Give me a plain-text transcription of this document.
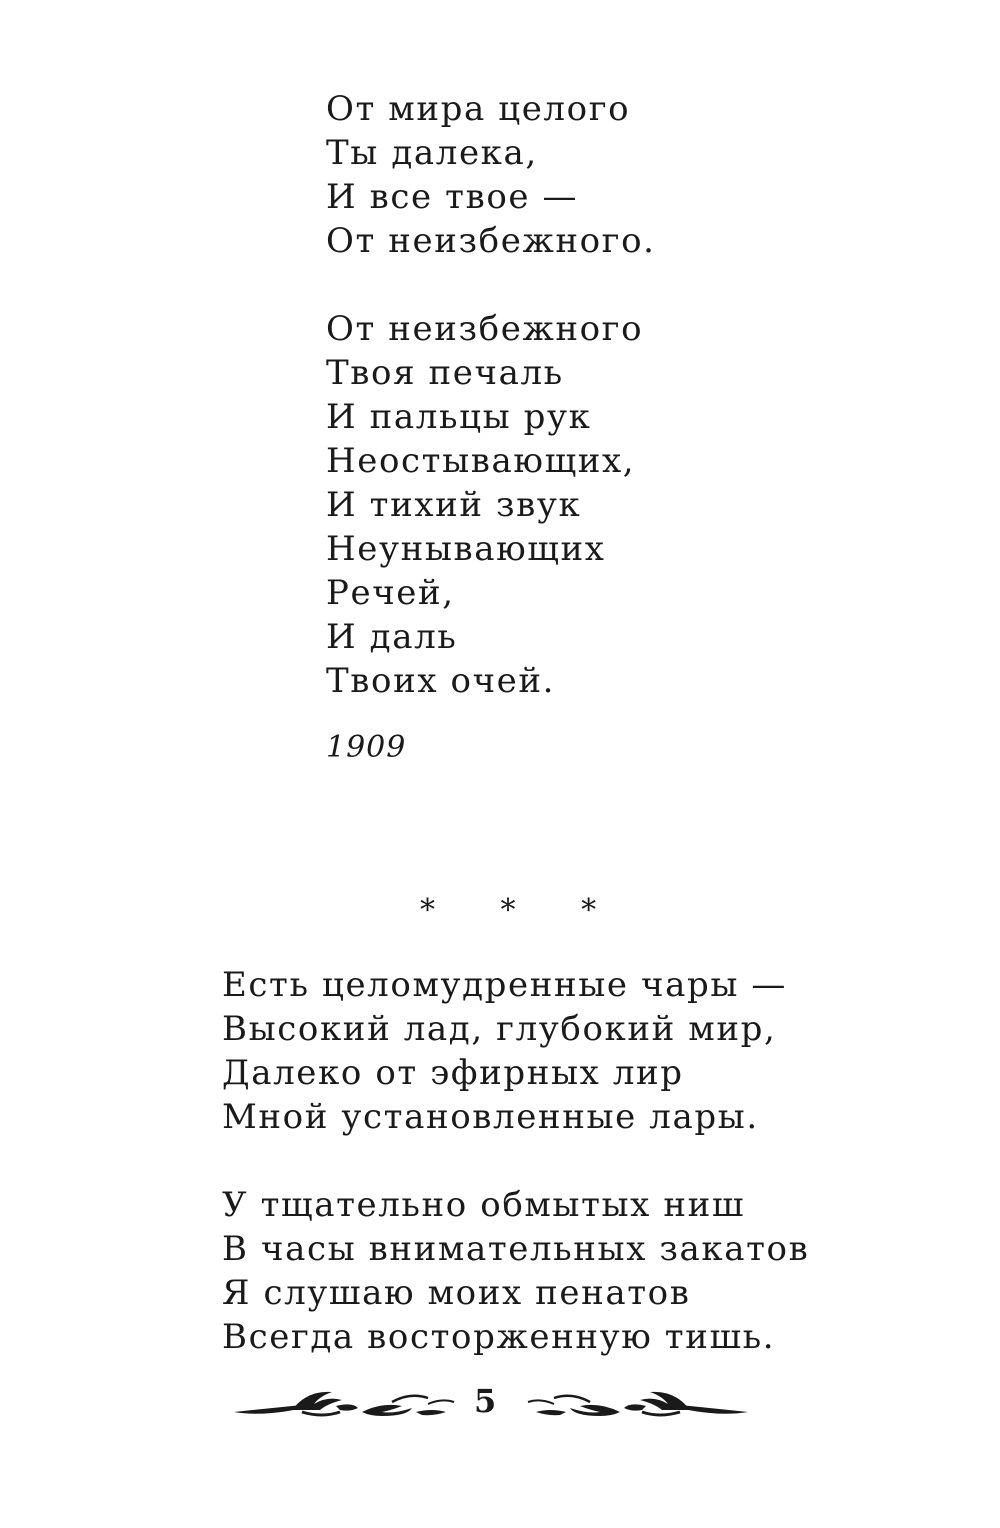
От мира целого
Ты далека,
И все твое —
От неизбежного.
От неизбежного
Твоя печаль
И пальцы рук
Неостывающих,
И тихий звук
Неунывающих
Речей,
И даль
Твоих очей.
1909
* * *
Есть целомудренные чары —
Высокий лад, глубокий мир,
Далеко от эфирных лир
Мной установленные лары.
У тщательно обмытых ниш
В часы внимательных закатов
Я слушаю моих пенатов
Всегда восторженную тишь.
5
